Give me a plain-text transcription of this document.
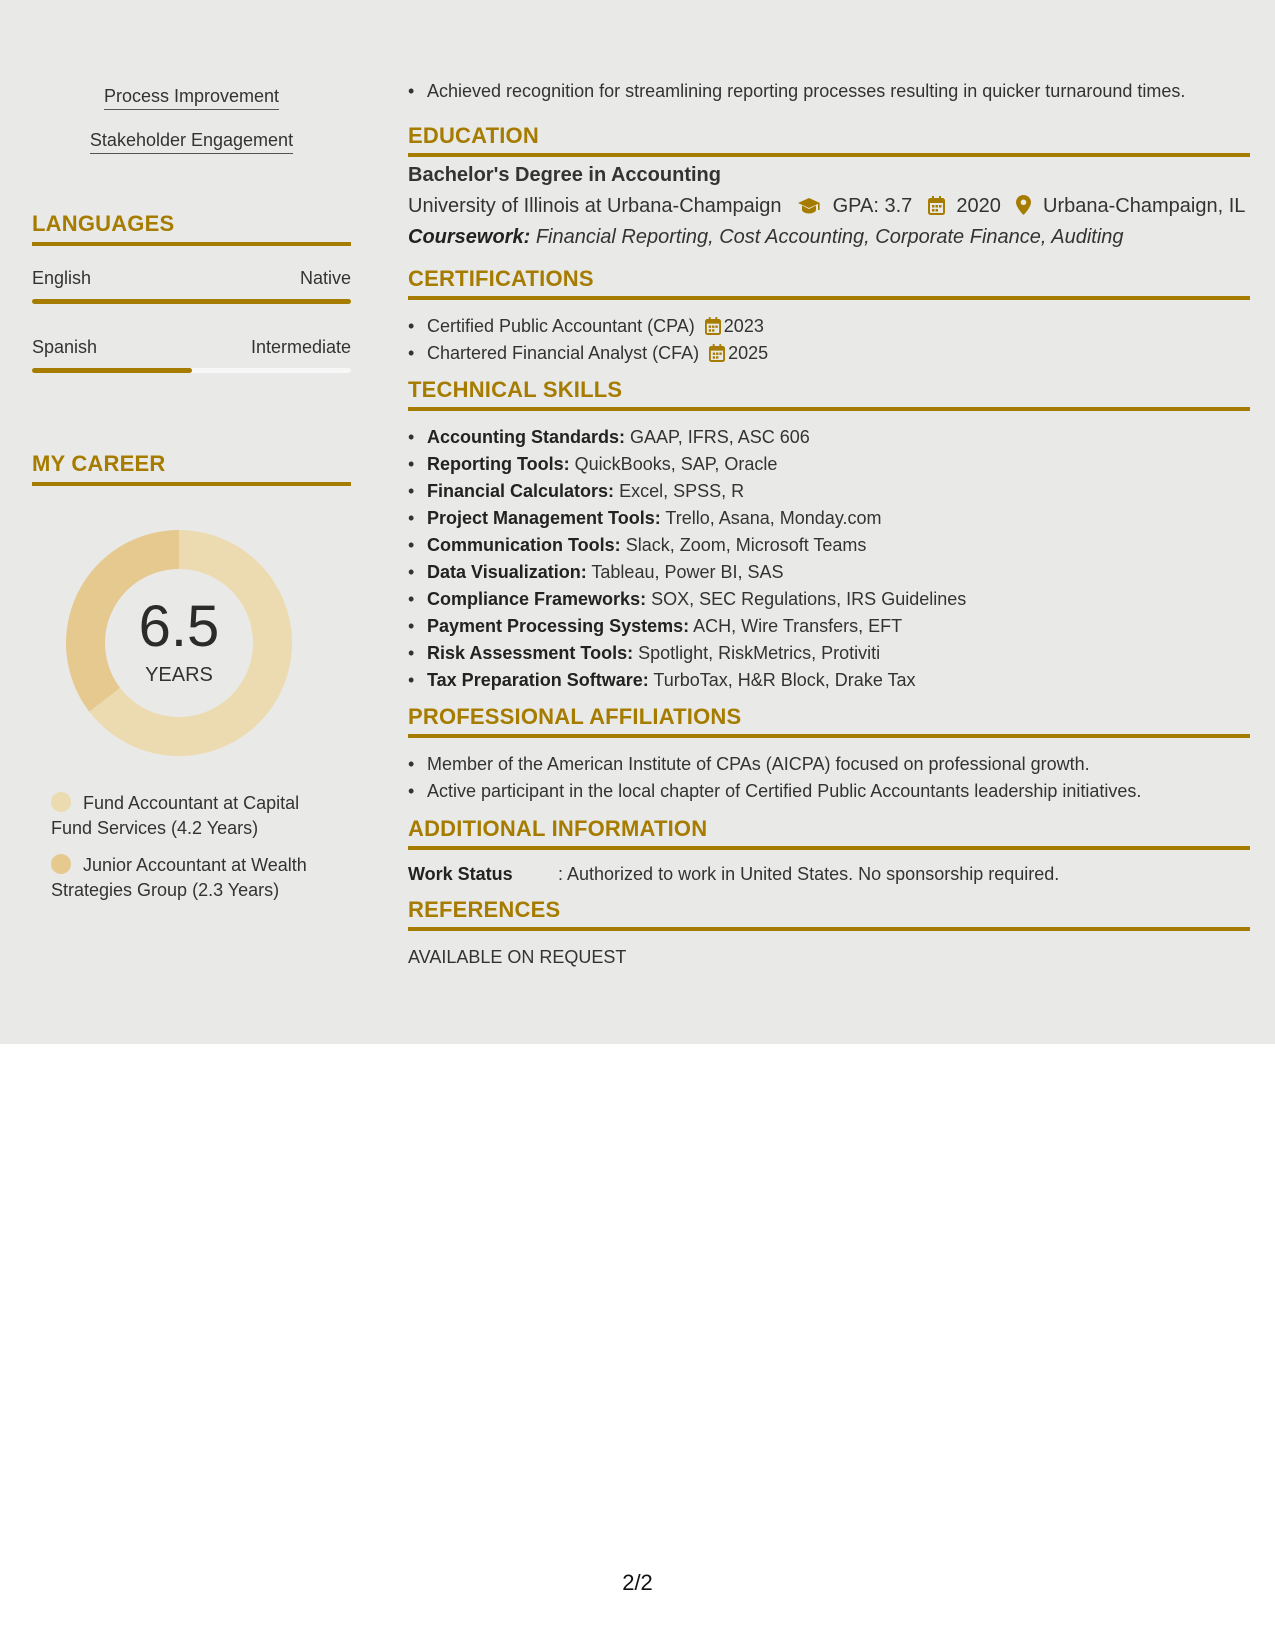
Process Improvement
Stakeholder Engagement
LANGUAGES
English	Native
Spanish	Intermediate
MY CAREER
6.5
YEARS
Fund Accountant at Capital Fund Services (4.2 Years)
Junior Accountant at Wealth Strategies Group (2.3 Years)
• Achieved recognition for streamlining reporting processes resulting in quicker turnaround times.
EDUCATION
Bachelor's Degree in Accounting
University of Illinois at Urbana-Champaign	GPA: 3.7 2020 Urbana-Champaign, IL
Coursework: Financial Reporting, Cost Accounting, Corporate Finance, Auditing
CERTIFICATIONS
• Certified Public Accountant (CPA) 2023
• Chartered Financial Analyst (CFA) 2025
TECHNICAL SKILLS
• Accounting Standards: GAAP, IFRS, ASC 606
• Reporting Tools: QuickBooks, SAP, Oracle
• Financial Calculators: Excel, SPSS, R
• Project Management Tools: Trello, Asana, Monday.com
• Communication Tools: Slack, Zoom, Microsoft Teams
• Data Visualization: Tableau, Power BI, SAS
• Compliance Frameworks: SOX, SEC Regulations, IRS Guidelines
• Payment Processing Systems: ACH, Wire Transfers, EFT
• Risk Assessment Tools: Spotlight, RiskMetrics, Protiviti
• Tax Preparation Software: TurboTax, H&R Block, Drake Tax
PROFESSIONAL AFFILIATIONS
• Member of the American Institute of CPAs (AICPA) focused on professional growth.
• Active participant in the local chapter of Certified Public Accountants leadership initiatives.
ADDITIONAL INFORMATION
Work Status	: Authorized to work in United States. No sponsorship required.
REFERENCES
AVAILABLE ON REQUEST
2/2
